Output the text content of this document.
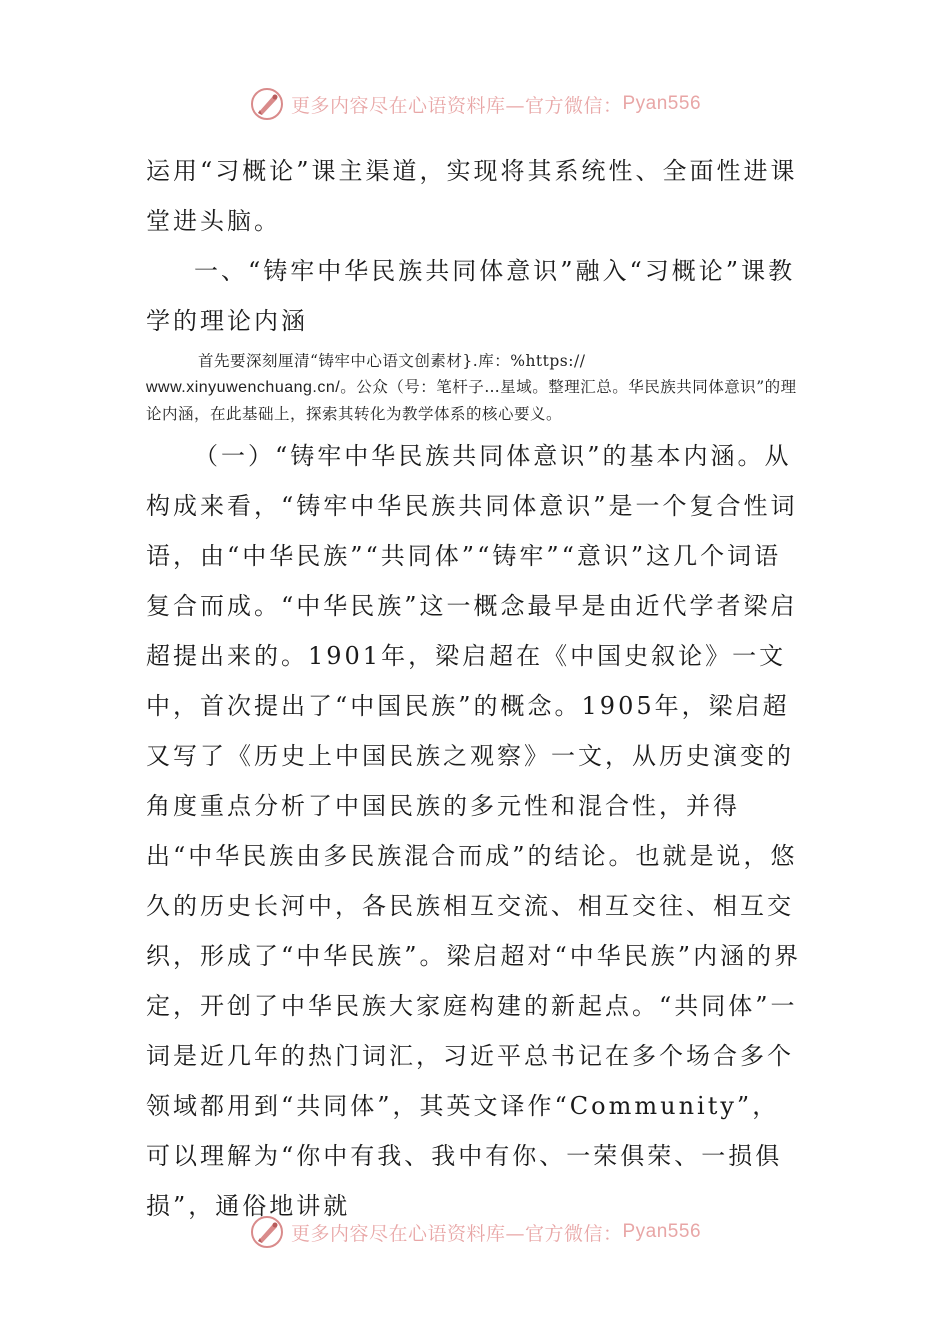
更多内容尽在心语资料库—官方微信： Pyan556

运用“习概论”课主渠道，实现将其系统性、全面性进课堂进头脑。

一、“铸牢中华民族共同体意识”融入“习概论”课教学的理论内涵

首先要深刻厘清“铸牢中心语文创素材}.库：%https://
www.xinyuwenchuang.cn/。公众（号：笔杆子…星域。整理汇总。华民族共同体意识”的理论内涵，在此基础上，探索其转化为教学体系的核心要义。

（一）“铸牢中华民族共同体意识”的基本内涵。从构成来看，“铸牢中华民族共同体意识”是一个复合性词语，由“中华民族”“共同体”“铸牢”“意识”这几个词语复合而成。“中华民族”这一概念最早是由近代学者梁启超提出来的。1901年，梁启超在《中国史叙论》一文中，首次提出了“中国民族”的概念。1905年，梁启超又写了《历史上中国民族之观察》一文，从历史演变的角度重点分析了中国民族的多元性和混合性，并得出“中华民族由多民族混合而成”的结论。也就是说，悠久的历史长河中，各民族相互交流、相互交往、相互交织，形成了“中华民族”。梁启超对“中华民族”内涵的界定，开创了中华民族大家庭构建的新起点。“共同体”一词是近几年的热门词汇，习近平总书记在多个场合多个领域都用到“共同体”，其英文译作“Community”，可以理解为“你中有我、我中有你、一荣俱荣、一损俱损”，通俗地讲就

更多内容尽在心语资料库—官方微信： Pyan556
